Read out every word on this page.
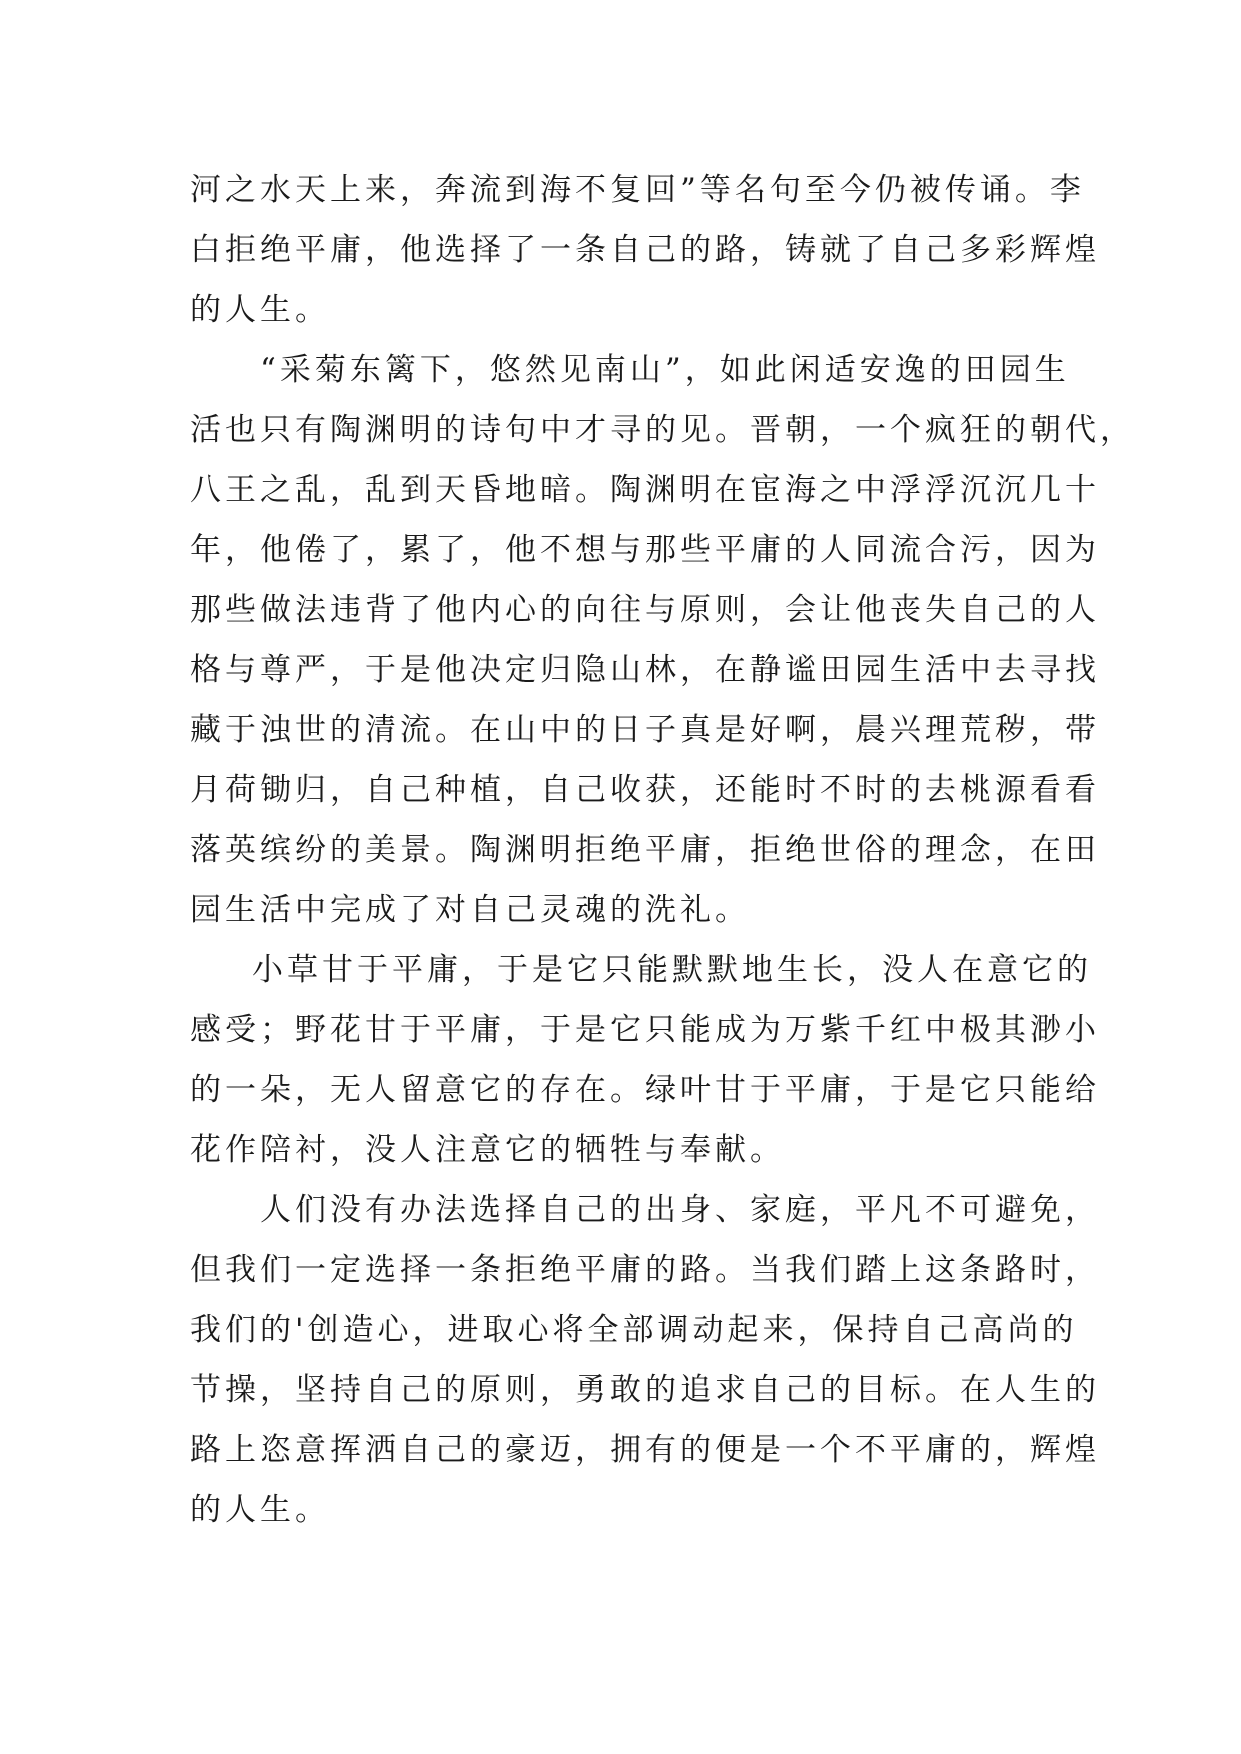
河之水天上来，奔流到海不复回”等名句至今仍被传诵。李
白拒绝平庸，他选择了一条自己的路，铸就了自己多彩辉煌
的人生。
“采菊东篱下，悠然见南山”，如此闲适安逸的田园生
活也只有陶渊明的诗句中才寻的见。晋朝，一个疯狂的朝代，
八王之乱，乱到天昏地暗。陶渊明在宦海之中浮浮沉沉几十
年，他倦了，累了，他不想与那些平庸的人同流合污，因为
那些做法违背了他内心的向往与原则，会让他丧失自己的人
格与尊严，于是他决定归隐山林，在静谧田园生活中去寻找
藏于浊世的清流。在山中的日子真是好啊，晨兴理荒秽，带
月荷锄归，自己种植，自己收获，还能时不时的去桃源看看
落英缤纷的美景。陶渊明拒绝平庸，拒绝世俗的理念，在田
园生活中完成了对自己灵魂的洗礼。
小草甘于平庸，于是它只能默默地生长，没人在意它的
感受；野花甘于平庸，于是它只能成为万紫千红中极其渺小
的一朵，无人留意它的存在。绿叶甘于平庸，于是它只能给
花作陪衬，没人注意它的牺牲与奉献。
人们没有办法选择自己的出身、家庭，平凡不可避免，
但我们一定选择一条拒绝平庸的路。当我们踏上这条路时，
我们的'创造心，进取心将全部调动起来，保持自己高尚的
节操，坚持自己的原则，勇敢的追求自己的目标。在人生的
路上恣意挥洒自己的豪迈，拥有的便是一个不平庸的，辉煌
的人生。
